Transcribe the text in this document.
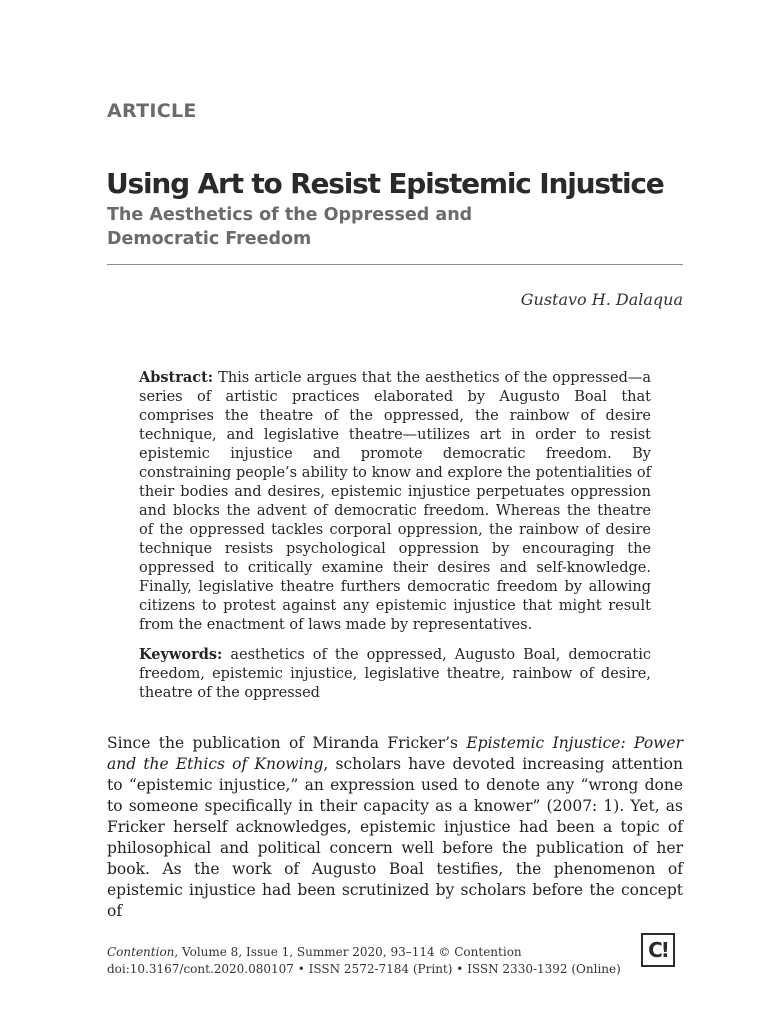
ARTICLE
Using Art to Resist Epistemic Injustice
The Aesthetics of the Oppressed and Democratic Freedom
Gustavo H. Dalaqua

Abstract: This article argues that the aesthetics of the oppressed—a series of artistic practices elaborated by Augusto Boal that comprises the theatre of the oppressed, the rainbow of desire technique, and legislative theatre—utilizes art in order to resist epistemic injustice and promote democratic freedom. By constraining people’s ability to know and explore the potentialities of their bodies and desires, epistemic injustice perpetuates oppression and blocks the advent of democratic freedom. Whereas the theatre of the oppressed tackles corporal oppression, the rainbow of desire technique resists psychological oppression by encouraging the oppressed to critically examine their desires and self-knowledge. Finally, legislative theatre furthers democratic freedom by allowing citizens to protest against any epistemic injustice that might result from the enactment of laws made by representatives.

Keywords: aesthetics of the oppressed, Augusto Boal, democratic freedom, epistemic injustice, legislative theatre, rainbow of desire, theatre of the oppressed

Since the publication of Miranda Fricker’s Epistemic Injustice: Power and the Ethics of Knowing, scholars have devoted increasing attention to “epistemic injustice,” an expression used to denote any “wrong done to someone specifically in their capacity as a knower” (2007: 1). Yet, as Fricker herself acknowledges, epistemic injustice had been a topic of philosophical and political concern well before the publication of her book. As the work of Augusto Boal testifies, the phenomenon of epistemic injustice had been scrutinized by scholars before the concept of

Contention, Volume 8, Issue 1, Summer 2020, 93–114 © Contention
doi:10.3167/cont.2020.080107 • ISSN 2572-7184 (Print) • ISSN 2330-1392 (Online)
C!
